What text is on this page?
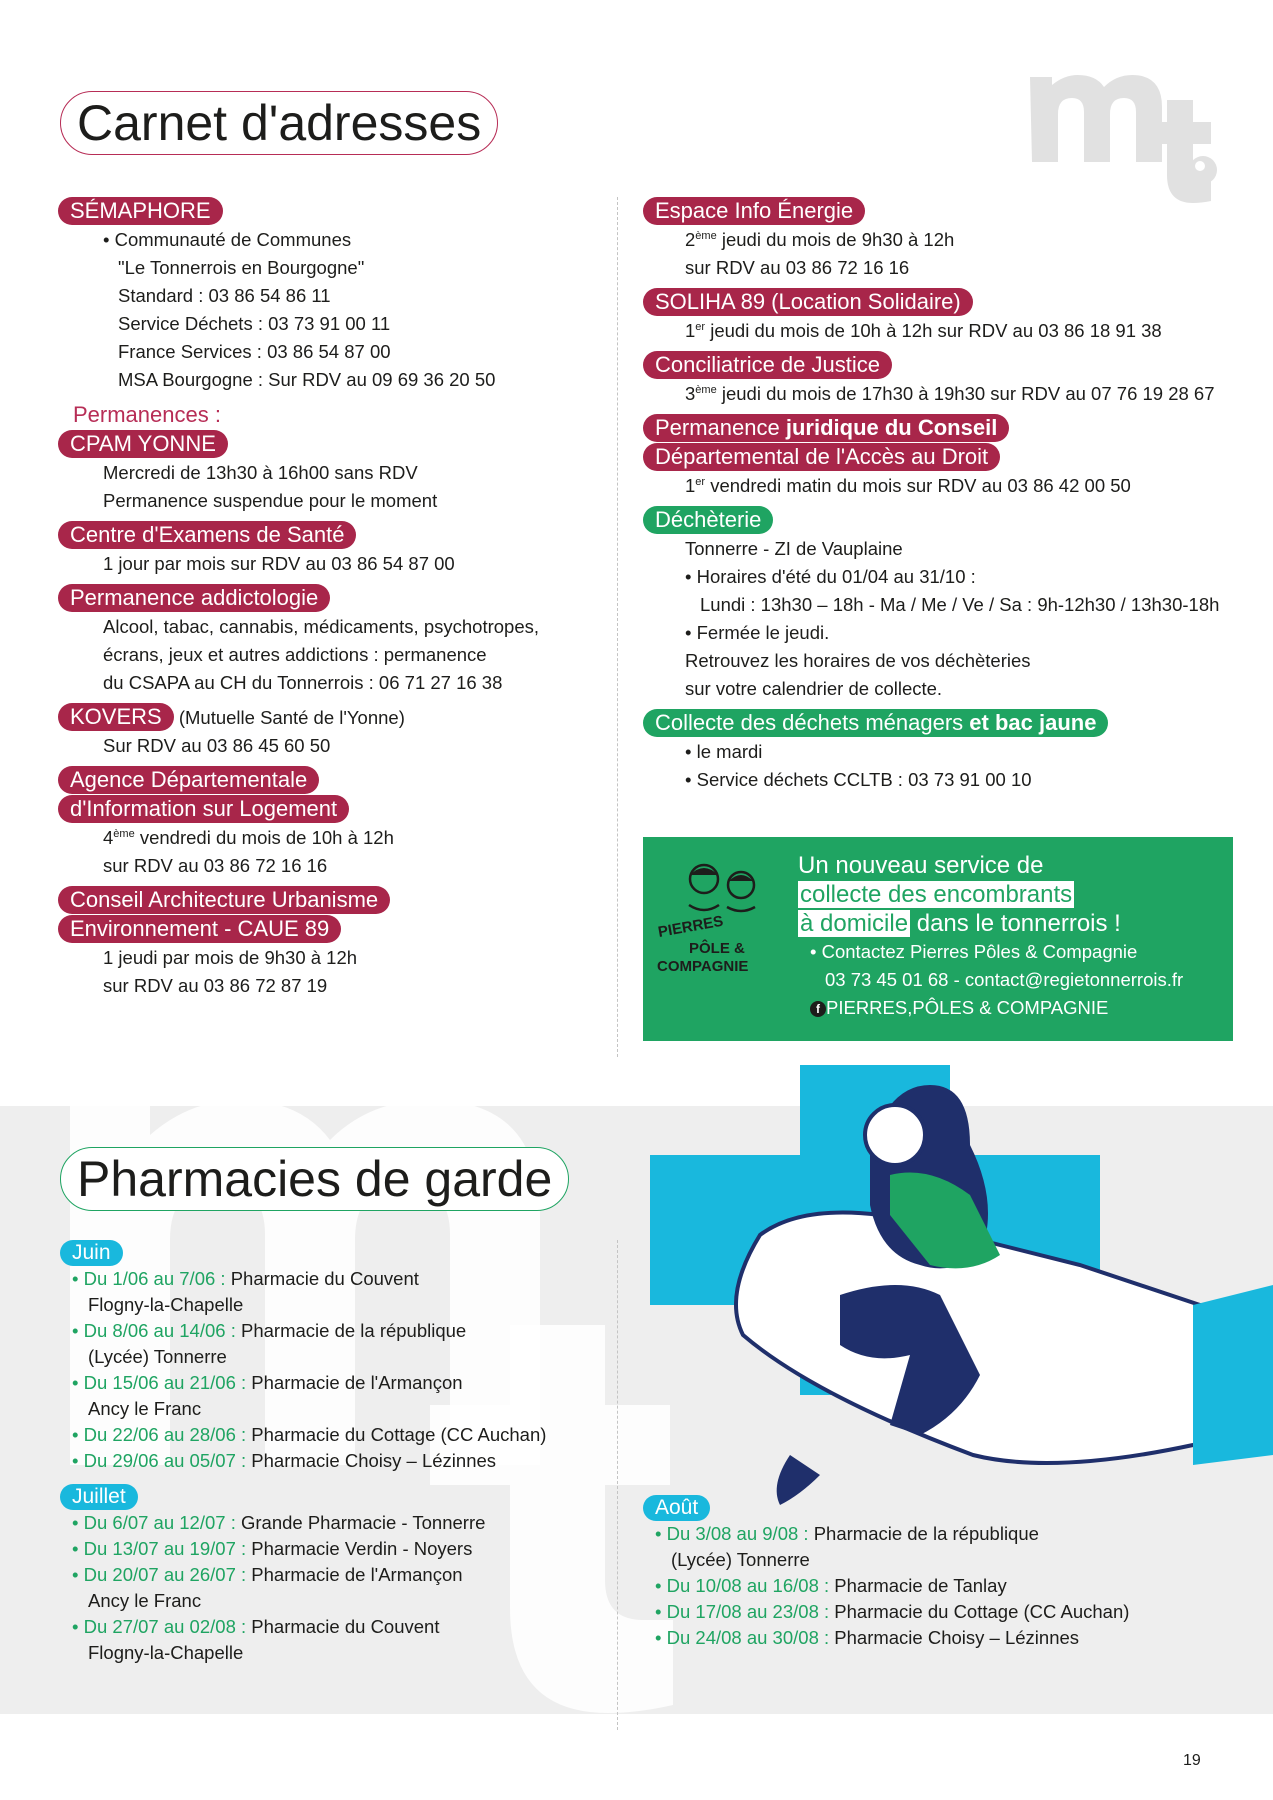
Carnet d'adresses
SÉMAPHORE
• Communauté de Communes
"Le Tonnerrois en Bourgogne"
Standard : 03 86 54 86 11
Service Déchets : 03 73 91 00 11
France Services : 03 86 54 87 00
MSA Bourgogne : Sur RDV au 09 69 36 20 50
Permanences :
CPAM YONNE
Mercredi de 13h30 à 16h00 sans RDV
Permanence suspendue pour le moment
Centre d'Examens de Santé
1 jour par mois sur RDV au 03 86 54 87 00
Permanence addictologie
Alcool, tabac, cannabis, médicaments, psychotropes,
écrans, jeux et autres addictions : permanence
du CSAPA au CH du Tonnerrois : 06 71 27 16 38
KOVERS (Mutuelle Santé de l'Yonne)
Sur RDV au 03 86 45 60 50
Agence Départementale
d'Information sur Logement
4ème vendredi du mois de 10h à 12h
sur RDV au 03 86 72 16 16
Conseil Architecture Urbanisme
Environnement - CAUE 89
1 jeudi par mois de 9h30 à 12h
sur RDV au 03 86 72 87 19
Espace Info Énergie
2ème jeudi du mois de 9h30 à 12h
sur RDV au 03 86 72 16 16
SOLIHA 89 (Location Solidaire)
1er jeudi du mois de 10h à 12h sur RDV au 03 86 18 91 38
Conciliatrice de Justice
3ème jeudi du mois de 17h30 à 19h30 sur RDV au 07 76 19 28 67
Permanence juridique du Conseil
Départemental de l'Accès au Droit
1er vendredi matin du mois sur RDV au 03 86 42 00 50
Déchèterie
Tonnerre - ZI de Vauplaine
• Horaires d'été du 01/04 au 31/10 :
Lundi : 13h30 – 18h - Ma / Me / Ve / Sa : 9h-12h30 / 13h30-18h
• Fermée le jeudi.
Retrouvez les horaires de vos déchèteries
sur votre calendrier de collecte.
Collecte des déchets ménagers et bac jaune
• le mardi
• Service déchets CCLTB : 03 73 91 00 10
PIERRES
PÔLE &
COMPAGNIE
Un nouveau service de
collecte des encombrants
à domicile dans le tonnerrois !
• Contactez Pierres Pôles & Compagnie
03 73 45 01 68 - contact@regietonnerrois.fr
f PIERRES,PÔLES & COMPAGNIE
Pharmacies de garde
Juin
• Du 1/06 au 7/06 : Pharmacie du Couvent
Flogny-la-Chapelle
• Du 8/06 au 14/06 : Pharmacie de la république
(Lycée) Tonnerre
• Du 15/06 au 21/06 : Pharmacie de l'Armançon
Ancy le Franc
• Du 22/06 au 28/06 : Pharmacie du Cottage (CC Auchan)
• Du 29/06 au 05/07 : Pharmacie Choisy – Lézinnes
Juillet
• Du 6/07 au 12/07 : Grande Pharmacie - Tonnerre
• Du 13/07 au 19/07 : Pharmacie Verdin - Noyers
• Du 20/07 au 26/07 : Pharmacie de l'Armançon
Ancy le Franc
• Du 27/07 au 02/08 : Pharmacie du Couvent
Flogny-la-Chapelle
Août
• Du 3/08 au 9/08 : Pharmacie de la république
(Lycée) Tonnerre
• Du 10/08 au 16/08 : Pharmacie de Tanlay
• Du 17/08 au 23/08 : Pharmacie du Cottage (CC Auchan)
• Du 24/08 au 30/08 : Pharmacie Choisy – Lézinnes
19
